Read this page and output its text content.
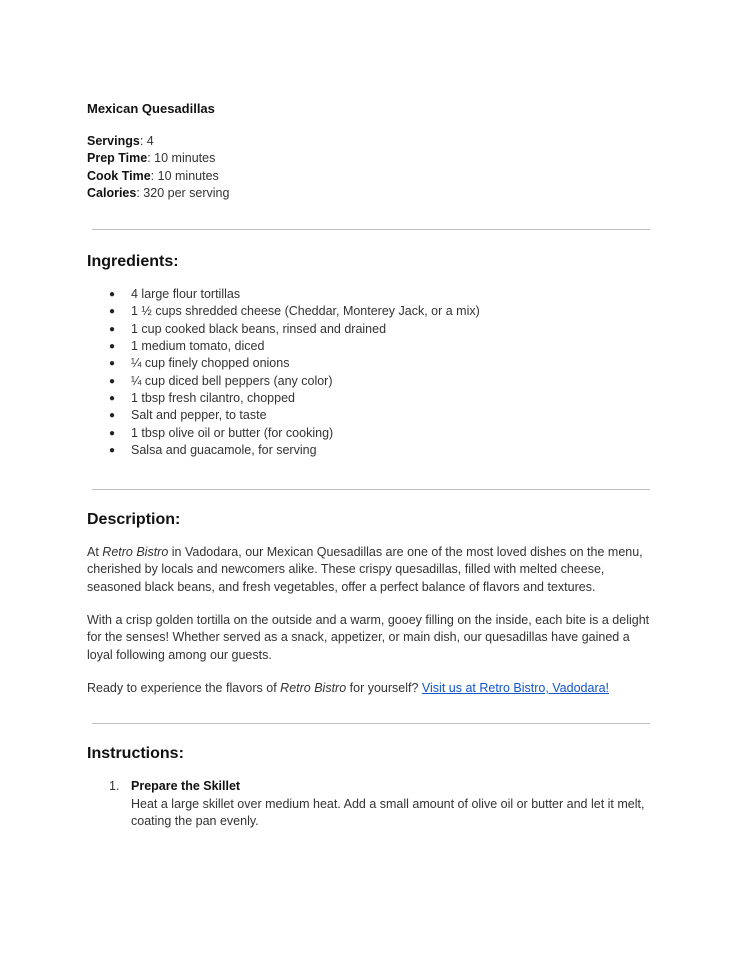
Mexican Quesadillas
Servings: 4
Prep Time: 10 minutes
Cook Time: 10 minutes
Calories: 320 per serving
Ingredients:
● 4 large flour tortillas
● 1 ½ cups shredded cheese (Cheddar, Monterey Jack, or a mix)
● 1 cup cooked black beans, rinsed and drained
● 1 medium tomato, diced
● ¼ cup finely chopped onions
● ¼ cup diced bell peppers (any color)
● 1 tbsp fresh cilantro, chopped
● Salt and pepper, to taste
● 1 tbsp olive oil or butter (for cooking)
● Salsa and guacamole, for serving
Description:

At Retro Bistro in Vadodara, our Mexican Quesadillas are one of the most loved dishes on the menu, cherished by locals and newcomers alike. These crispy quesadillas, filled with melted cheese, seasoned black beans, and fresh vegetables, offer a perfect balance of flavors and textures.

With a crisp golden tortilla on the outside and a warm, gooey filling on the inside, each bite is a delight for the senses! Whether served as a snack, appetizer, or main dish, our quesadillas have gained a loyal following among our guests.

Ready to experience the flavors of Retro Bistro for yourself? Visit us at Retro Bistro, Vadodara!

Instructions:
1. Prepare the Skillet
Heat a large skillet over medium heat. Add a small amount of olive oil or butter and let it melt, coating the pan evenly.
